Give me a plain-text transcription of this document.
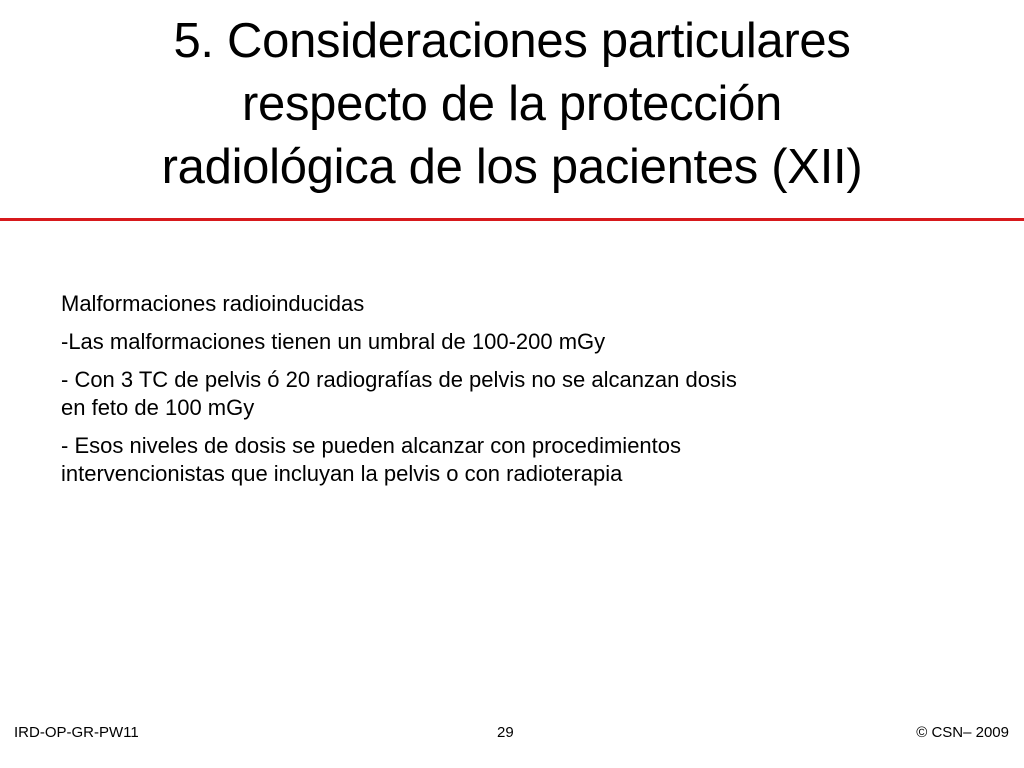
5. Consideraciones particulares
respecto de la protección
radiológica de los pacientes (XII)

Malformaciones radioinducidas

-Las malformaciones tienen un umbral de 100-200 mGy

- Con 3 TC de pelvis ó 20 radiografías de pelvis no se alcanzan dosis
en feto de 100 mGy

- Esos niveles de dosis se pueden alcanzar con procedimientos
intervencionistas que incluyan la pelvis o con radioterapia

IRD-OP-GR-PW11	29	© CSN– 2009
